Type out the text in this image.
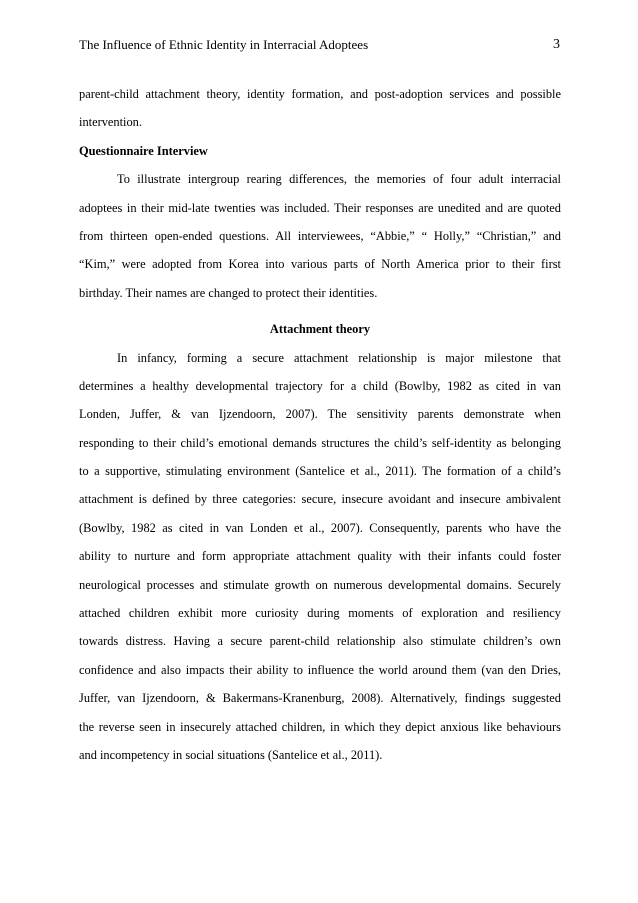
The Influence of Ethnic Identity in Interracial Adoptees	3
parent-child attachment theory, identity formation, and post-adoption services and possible
intervention.
Questionnaire Interview
To illustrate intergroup rearing differences, the memories of four adult interracial
adoptees in their mid-late twenties was included. Their responses are unedited and are quoted
from thirteen open-ended questions. All interviewees, “Abbie,” “ Holly,” “Christian,” and
“Kim,” were adopted from Korea into various parts of North America prior to their first
birthday. Their names are changed to protect their identities.
Attachment theory
In infancy, forming a secure attachment relationship is major milestone that
determines a healthy developmental trajectory for a child (Bowlby, 1982 as cited in van
Londen, Juffer, & van Ijzendoorn, 2007). The sensitivity parents demonstrate when
responding to their child’s emotional demands structures the child’s self-identity as belonging
to a supportive, stimulating environment (Santelice et al., 2011). The formation of a child’s
attachment is defined by three categories: secure, insecure avoidant and insecure ambivalent
(Bowlby, 1982 as cited in van Londen et al., 2007). Consequently, parents who have the
ability to nurture and form appropriate attachment quality with their infants could foster
neurological processes and stimulate growth on numerous developmental domains. Securely
attached children exhibit more curiosity during moments of exploration and resiliency
towards distress. Having a secure parent-child relationship also stimulate children’s own
confidence and also impacts their ability to influence the world around them (van den Dries,
Juffer, van Ijzendoorn, & Bakermans-Kranenburg, 2008). Alternatively, findings suggested
the reverse seen in insecurely attached children, in which they depict anxious like behaviours
and incompetency in social situations (Santelice et al., 2011).
